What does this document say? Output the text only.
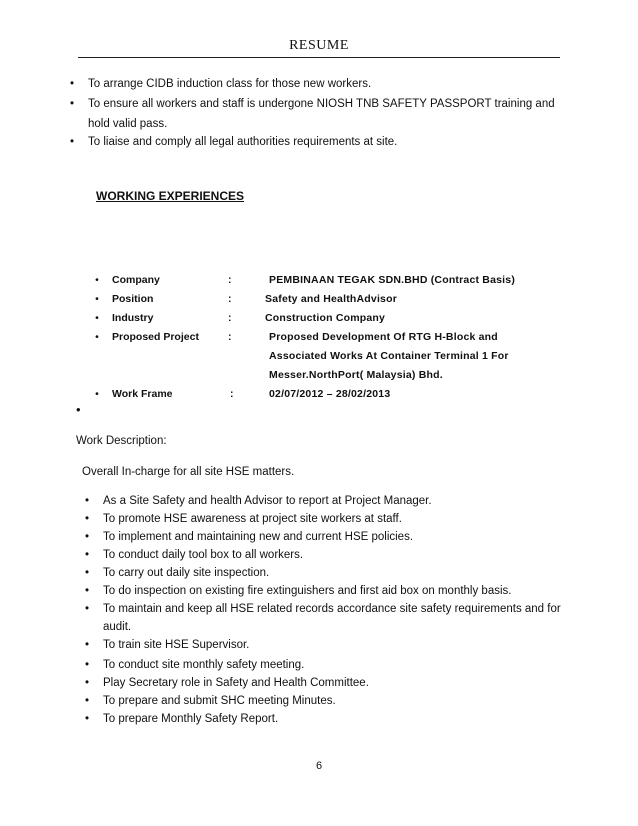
RESUME
•	To arrange CIDB induction class for those new workers.
•	To ensure all workers and staff is undergone NIOSH TNB SAFETY PASSPORT training and
hold valid pass.
•	To liaise and comply all legal authorities requirements at site.
WORKING EXPERIENCES
•	Company	:	PEMBINAAN TEGAK SDN.BHD (Contract Basis)
•	Position	:	Safety and HealthAdvisor
•	Industry	:	Construction Company
•	Proposed Project	:	Proposed Development Of RTG H-Block and
Associated Works At Container Terminal 1 For
Messer.NorthPort( Malaysia) Bhd.
•	Work Frame	:	02/07/2012 – 28/02/2013
•
Work Description:
Overall In-charge for all site HSE matters.
•	As a Site Safety and health Advisor to report at Project Manager.
•	To promote HSE awareness at project site workers at staff.
•	To implement and maintaining new and current HSE policies.
•	To conduct daily tool box to all workers.
•	To carry out daily site inspection.
•	To do inspection on existing fire extinguishers and first aid box on monthly basis.
•	To maintain and keep all HSE related records accordance site safety requirements and for
audit.
•	To train site HSE Supervisor.
•	To conduct site monthly safety meeting.
•	Play Secretary role in Safety and Health Committee.
•	To prepare and submit SHC meeting Minutes.
•	To prepare Monthly Safety Report.
6
